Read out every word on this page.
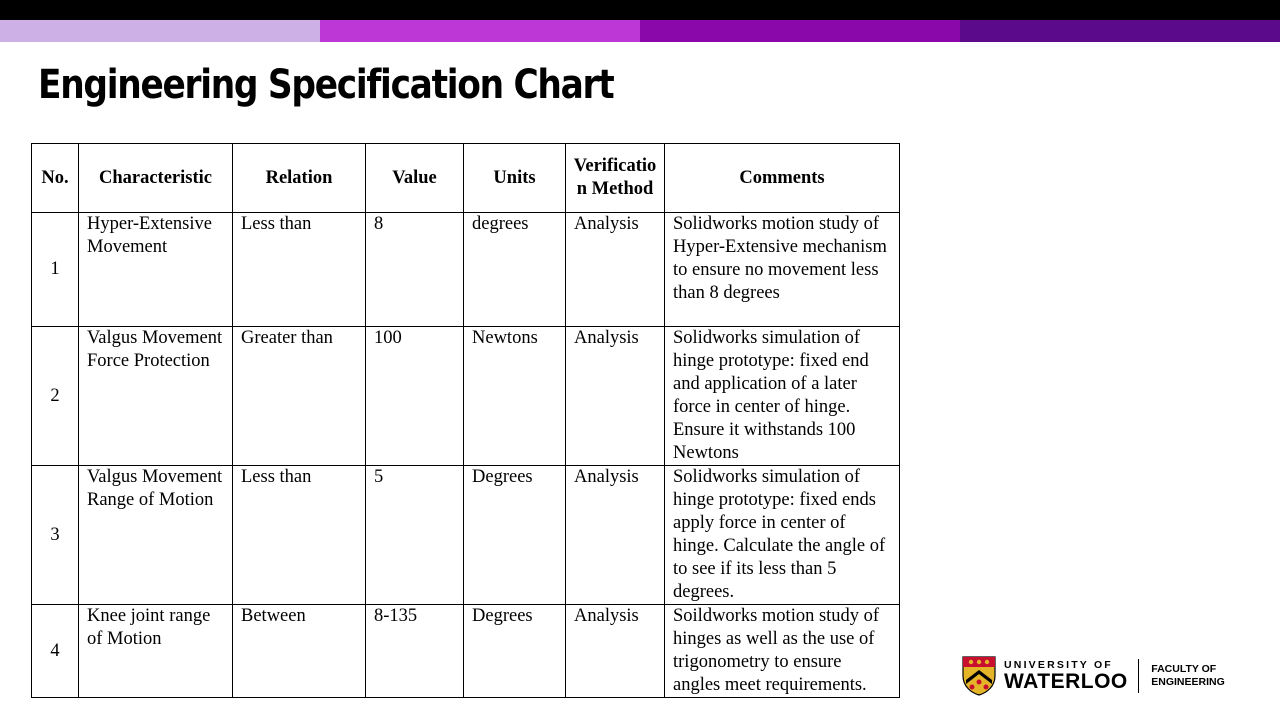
Engineering Specification Chart
No.	Characteristic	Relation	Value	Units	Verification Method	Comments
1	Hyper-Extensive Movement	Less than	8	degrees	Analysis	Solidworks motion study of Hyper-Extensive mechanism to ensure no movement less than 8 degrees
2	Valgus Movement Force Protection	Greater than	100	Newtons	Analysis	Solidworks simulation of hinge prototype: fixed end and application of a later force in center of hinge. Ensure it withstands 100 Newtons
3	Valgus Movement Range of Motion	Less than	5	Degrees	Analysis	Solidworks simulation of hinge prototype: fixed ends apply force in center of hinge. Calculate the angle of to see if its less than 5 degrees.
4	Knee joint range of Motion	Between	8-135	Degrees	Analysis	Soildworks motion study of hinges as well as the use of trigonometry to ensure angles meet requirements.
UNIVERSITY OF
WATERLOO
FACULTY OF
ENGINEERING
